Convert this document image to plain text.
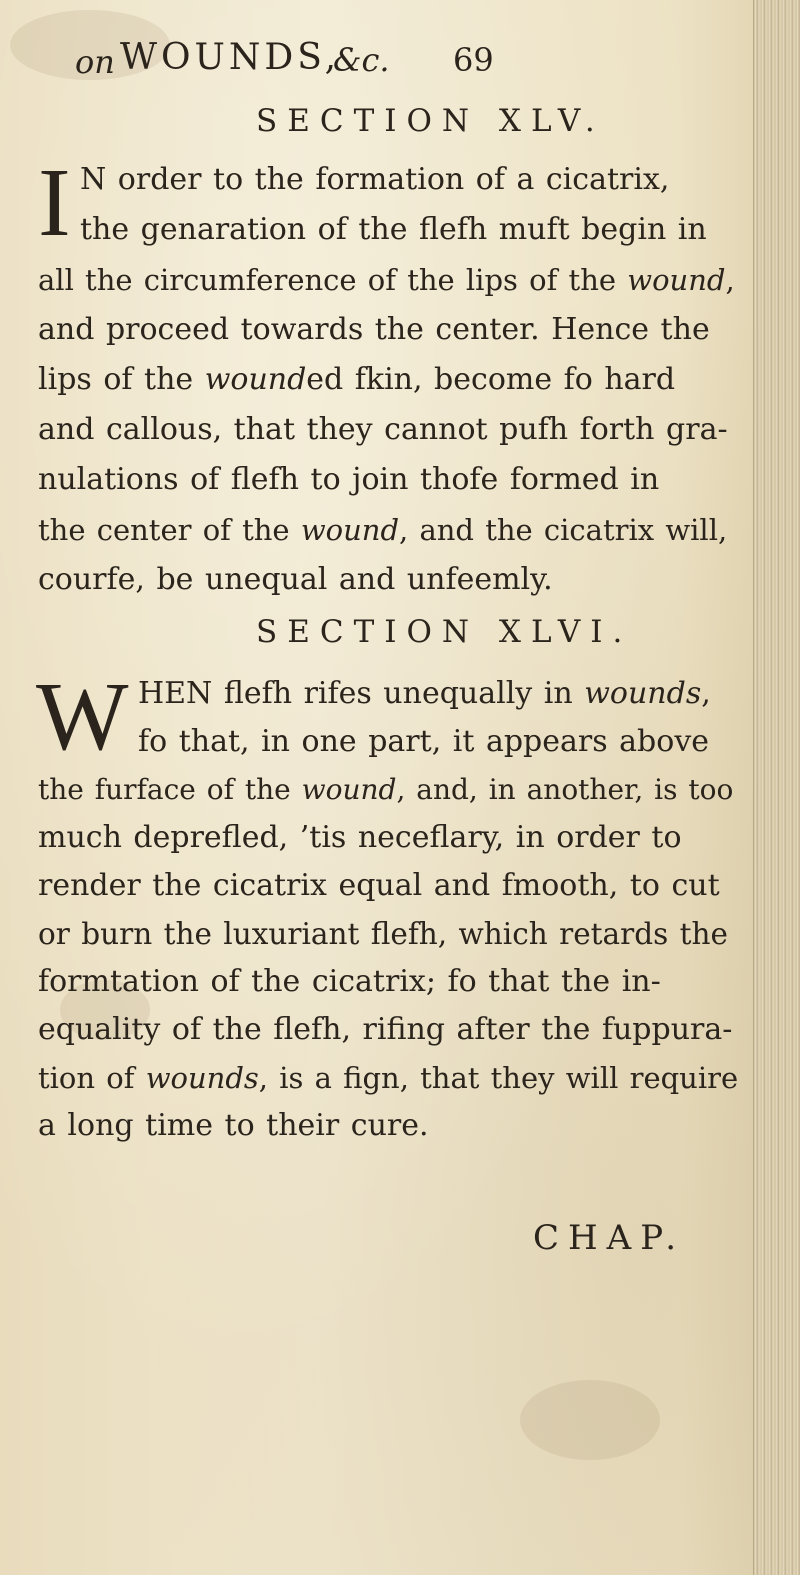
on WOUNDS,
&c. 69
SECTION XLV.
I N order to the formation of a cicatrix,
the genaration of the flefh muft begin in
all the circumference of the lips of the wound,
and proceed towards the center. Hence the
lips of the wounded fkin, become fo hard
and callous, that they cannot pufh forth gra-
nulations of flefh to join thofe formed in
the center of the wound, and the cicatrix will,
courfe, be unequal and unfeemly.
SECTION XLVI.
W HEN flefh rifes unequally in wounds,
fo that, in one part, it appears above
the furface of the wound, and, in another, is too
much deprefled, ’tis neceflary, in order to
render the cicatrix equal and fmooth, to cut
or burn the luxuriant flefh, which retards the
formtation of the cicatrix; fo that the in-
equality of the flefh, rifing after the fuppura-
tion of wounds, is a fign, that they will require
a long time to their cure.
CHAP.
